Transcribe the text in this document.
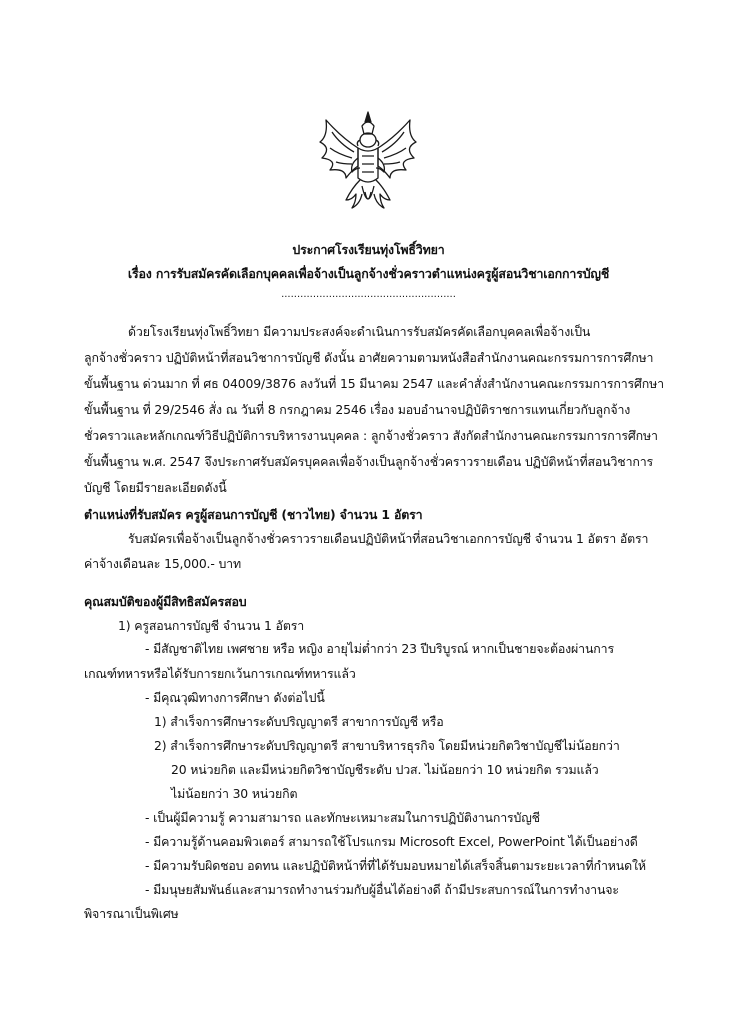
ประกาศโรงเรียนทุ่งโพธิ์วิทยา
เรื่อง การรับสมัครคัดเลือกบุคคลเพื่อจ้างเป็นลูกจ้างชั่วคราวตำแหน่งครูผู้สอนวิชาเอกการบัญชี
.......................................................
ด้วยโรงเรียนทุ่งโพธิ์วิทยา มีความประสงค์จะดำเนินการรับสมัครคัดเลือกบุคคลเพื่อจ้างเป็น
ลูกจ้างชั่วคราว ปฏิบัติหน้าที่สอนวิชาการบัญชี ดังนั้น อาศัยความตามหนังสือสำนักงานคณะกรรมการการศึกษา
ขั้นพื้นฐาน ด่วนมาก ที่ ศธ 04009/3876 ลงวันที่ 15 มีนาคม 2547 และคำสั่งสำนักงานคณะกรรมการการศึกษา
ขั้นพื้นฐาน ที่ 29/2546 สั่ง ณ วันที่ 8 กรกฎาคม 2546 เรื่อง มอบอำนาจปฏิบัติราชการแทนเกี่ยวกับลูกจ้าง
ชั่วคราวและหลักเกณฑ์วิธีปฏิบัติการบริหารงานบุคคล : ลูกจ้างชั่วคราว สังกัดสำนักงานคณะกรรมการการศึกษา
ขั้นพื้นฐาน พ.ศ. 2547 จึงประกาศรับสมัครบุคคลเพื่อจ้างเป็นลูกจ้างชั่วคราวรายเดือน ปฏิบัติหน้าที่สอนวิชาการ
บัญชี โดยมีรายละเอียดดังนี้
ตำแหน่งที่รับสมัคร ครูผู้สอนการบัญชี (ชาวไทย) จำนวน 1 อัตรา
รับสมัครเพื่อจ้างเป็นลูกจ้างชั่วคราวรายเดือนปฏิบัติหน้าที่สอนวิชาเอกการบัญชี จำนวน 1 อัตรา อัตรา
ค่าจ้างเดือนละ 15,000.- บาท
คุณสมบัติของผู้มีสิทธิสมัครสอบ
1) ครูสอนการบัญชี จำนวน 1 อัตรา
- มีสัญชาติไทย เพศชาย หรือ หญิง อายุไม่ต่ำกว่า 23 ปีบริบูรณ์ หากเป็นชายจะต้องผ่านการ
เกณฑ์ทหารหรือได้รับการยกเว้นการเกณฑ์ทหารแล้ว
- มีคุณวุฒิทางการศึกษา ดังต่อไปนี้
1) สำเร็จการศึกษาระดับปริญญาตรี สาขาการบัญชี หรือ
2) สำเร็จการศึกษาระดับปริญญาตรี สาขาบริหารธุรกิจ โดยมีหน่วยกิตวิชาบัญชีไม่น้อยกว่า
20 หน่วยกิต และมีหน่วยกิตวิชาบัญชีระดับ ปวส. ไม่น้อยกว่า 10 หน่วยกิต รวมแล้ว
ไม่น้อยกว่า 30 หน่วยกิต
- เป็นผู้มีความรู้ ความสามารถ และทักษะเหมาะสมในการปฏิบัติงานการบัญชี
- มีความรู้ด้านคอมพิวเตอร์ สามารถใช้โปรแกรม Microsoft Excel, PowerPoint ได้เป็นอย่างดี
- มีความรับผิดชอบ อดทน และปฏิบัติหน้าที่ที่ได้รับมอบหมายได้เสร็จสิ้นตามระยะเวลาที่กำหนดให้
- มีมนุษยสัมพันธ์และสามารถทำงานร่วมกับผู้อื่นได้อย่างดี ถ้ามีประสบการณ์ในการทำงานจะ
พิจารณาเป็นพิเศษ
